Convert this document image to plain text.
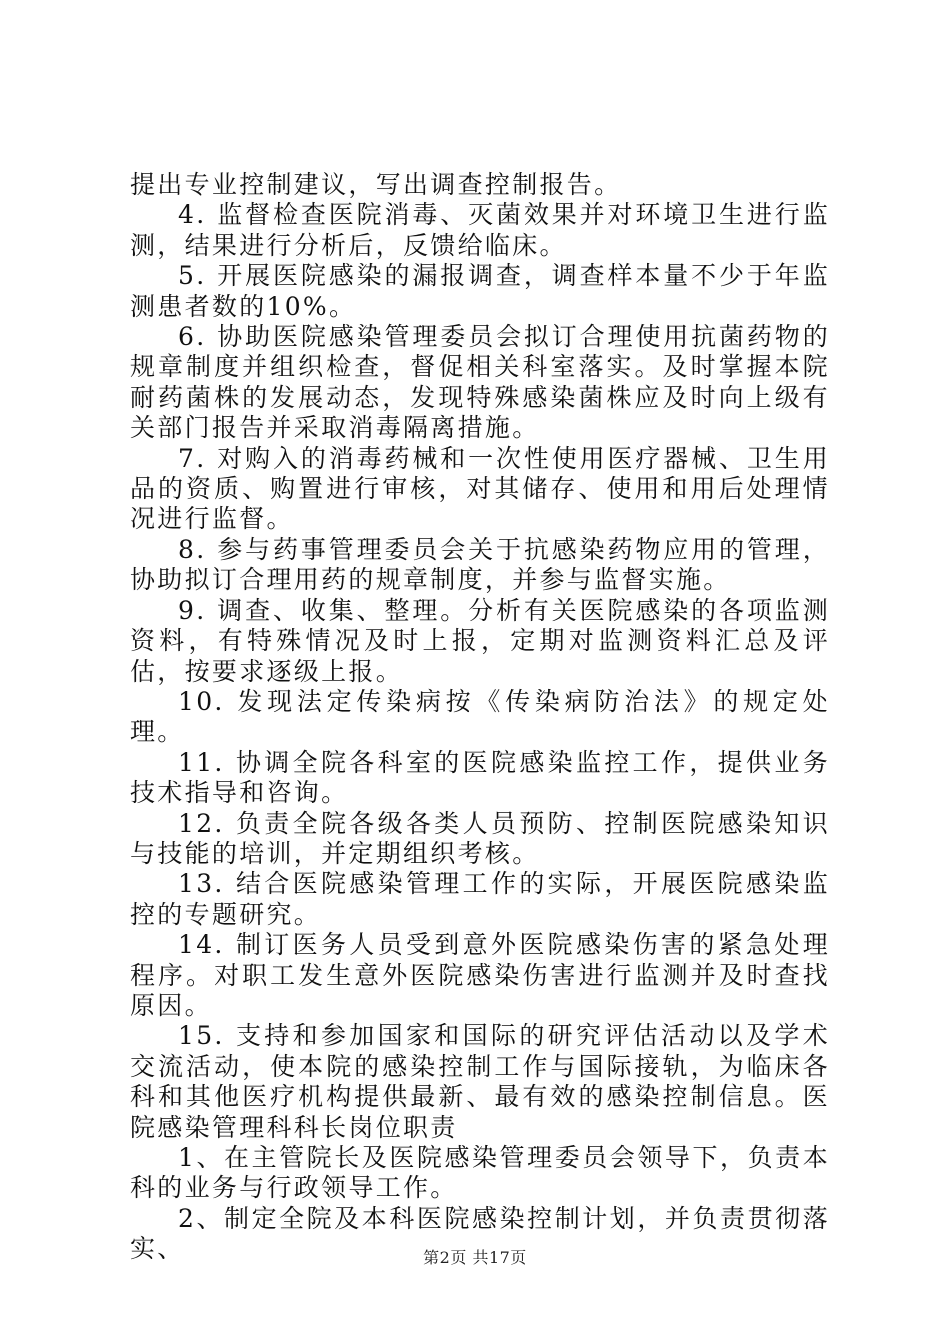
提出专业控制建议，写出调查控制报告。

4. 监督检查医院消毒、灭菌效果并对环境卫生进行监测，结果进行分析后，反馈给临床。

5. 开展医院感染的漏报调查，调查样本量不少于年监测患者数的10%。

6. 协助医院感染管理委员会拟订合理使用抗菌药物的规章制度并组织检查，督促相关科室落实。及时掌握本院耐药菌株的发展动态，发现特殊感染菌株应及时向上级有关部门报告并采取消毒隔离措施。

7. 对购入的消毒药械和一次性使用医疗器械、卫生用品的资质、购置进行审核，对其储存、使用和用后处理情况进行监督。

8. 参与药事管理委员会关于抗感染药物应用的管理，协助拟订合理用药的规章制度，并参与监督实施。

9. 调查、收集、整理。分析有关医院感染的各项监测资料，有特殊情况及时上报，定期对监测资料汇总及评估，按要求逐级上报。

10. 发现法定传染病按《传染病防治法》的规定处理。

11. 协调全院各科室的医院感染监控工作，提供业务技术指导和咨询。

12. 负责全院各级各类人员预防、控制医院感染知识与技能的培训，并定期组织考核。

13. 结合医院感染管理工作的实际，开展医院感染监控的专题研究。

14. 制订医务人员受到意外医院感染伤害的紧急处理程序。对职工发生意外医院感染伤害进行监测并及时查找原因。

15. 支持和参加国家和国际的研究评估活动以及学术交流活动，使本院的感染控制工作与国际接轨，为临床各科和其他医疗机构提供最新、最有效的感染控制信息。医院感染管理科科长岗位职责

1、在主管院长及医院感染管理委员会领导下，负责本科的业务与行政领导工作。

2、制定全院及本科医院感染控制计划，并负责贯彻落实、	第2页 共17页
